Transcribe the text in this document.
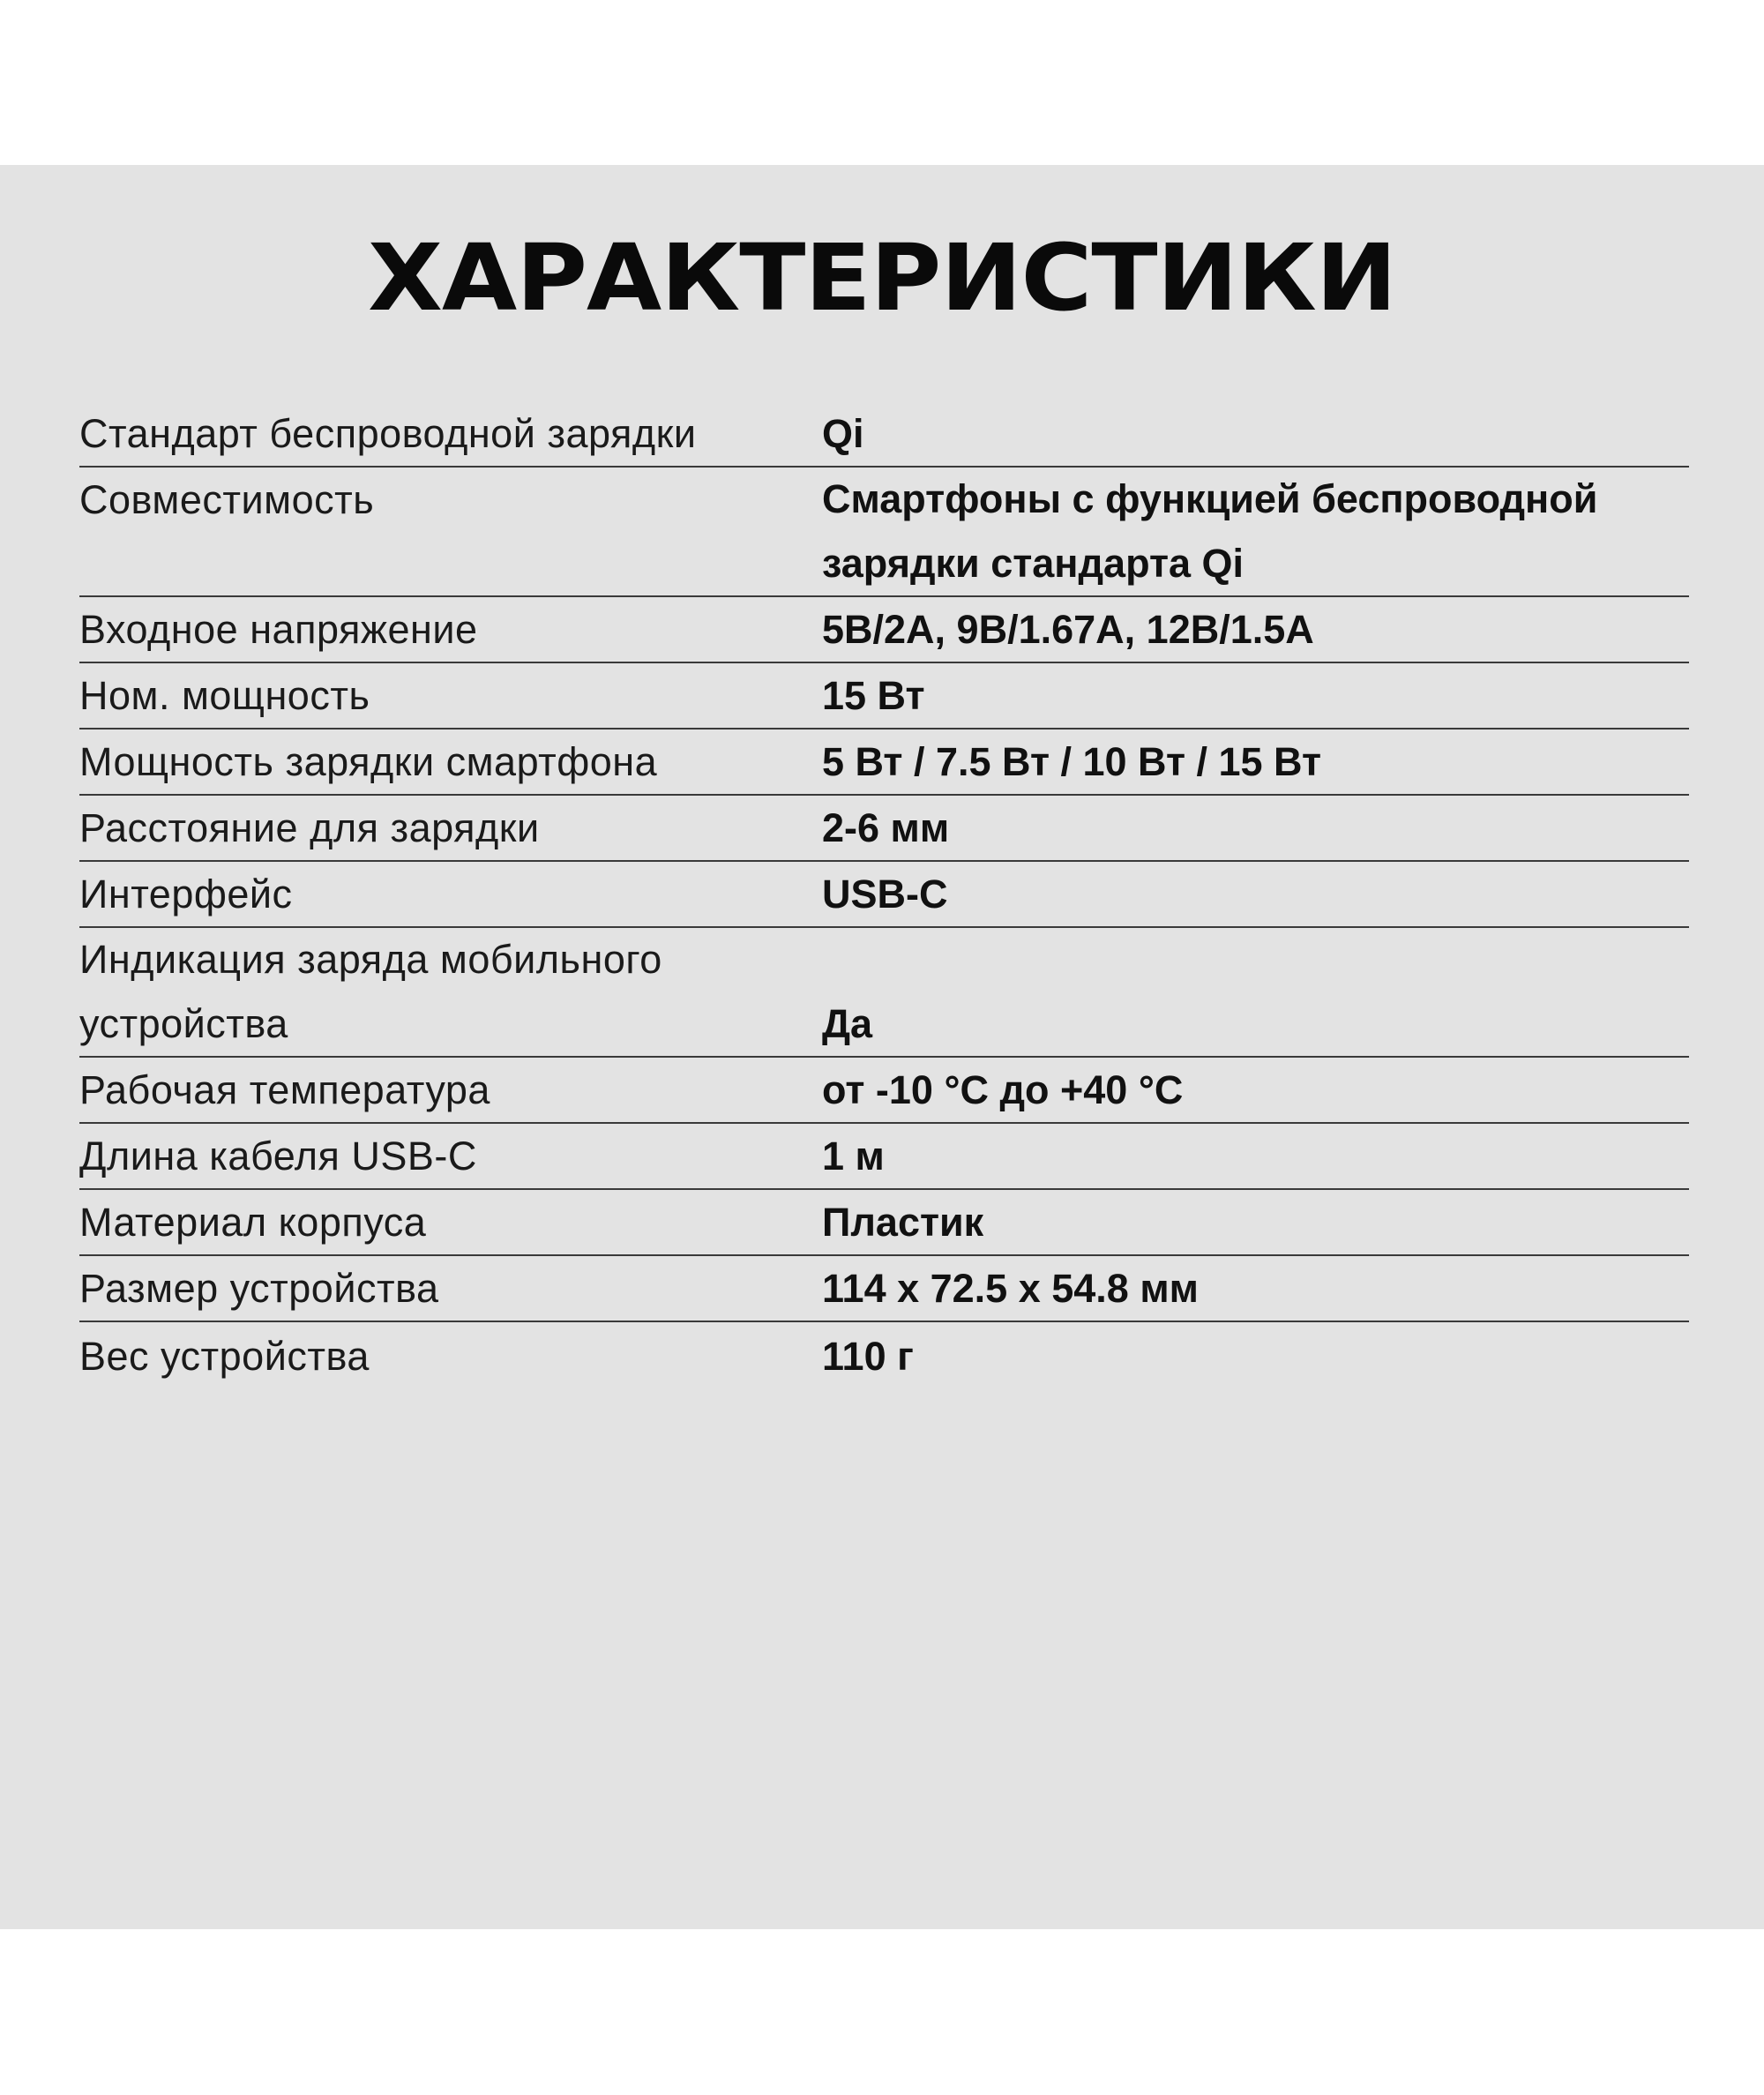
ХАРАКТЕРИСТИКИ
Стандарт беспроводной зарядки	Qi
Совместимость	Смартфоны с функцией беспроводной зарядки стандарта Qi
Входное напряжение	5В/2А, 9В/1.67А, 12В/1.5А
Ном. мощность	15 Вт
Мощность зарядки смартфона	5 Вт / 7.5 Вт / 10 Вт / 15 Вт
Расстояние для зарядки	2-6 мм
Интерфейс	USB-C
Индикация заряда мобильного устройства	Да
Рабочая температура	от -10 °C до +40 °C
Длина кабеля USB-C	1 м
Материал корпуса	Пластик
Размер устройства	114 x 72.5 x 54.8 мм
Вес устройства	110 г
